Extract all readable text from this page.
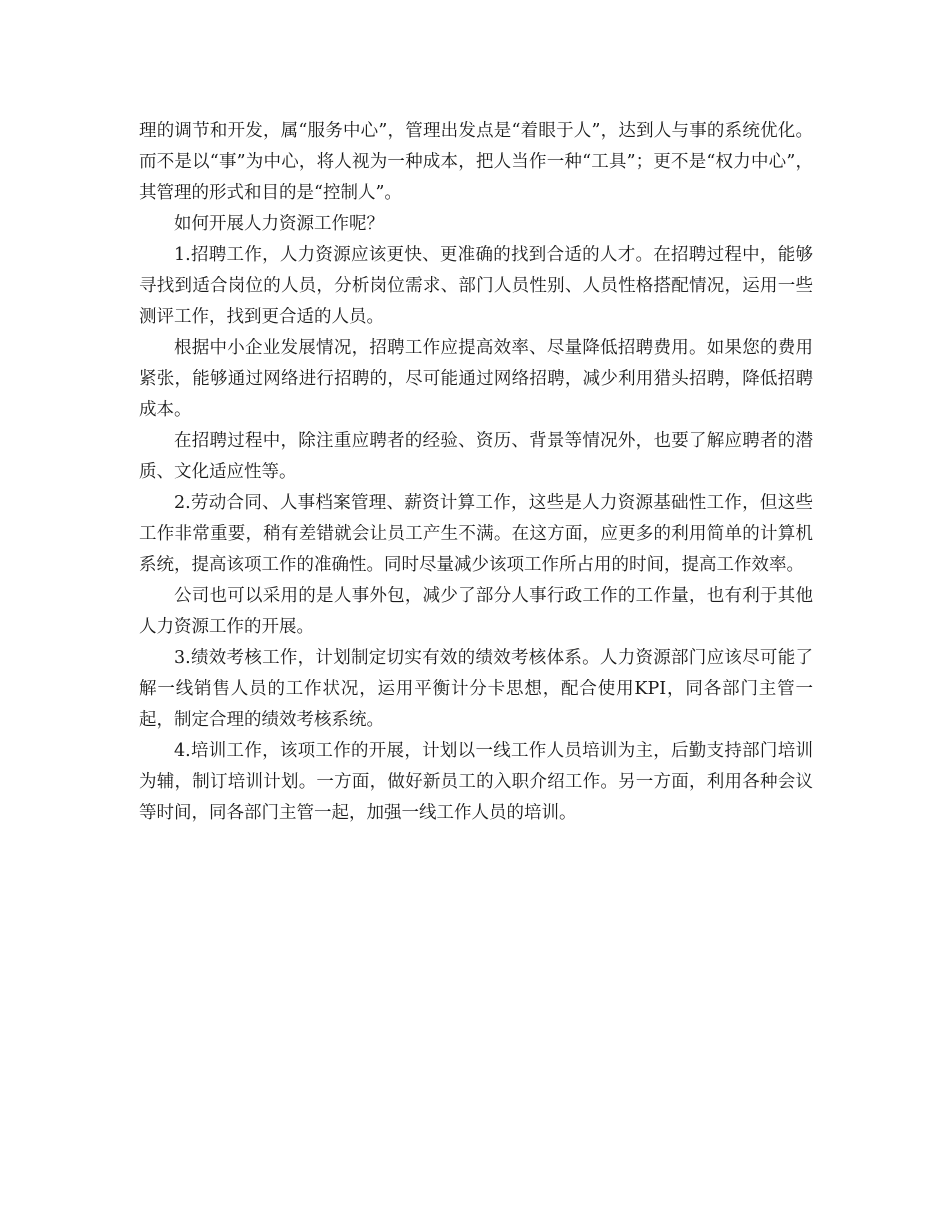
理的调节和开发，属“服务中心”，管理出发点是“着眼于人”，达到人与事的系统优化。而不是以“事”为中心，将人视为一种成本，把人当作一种“工具”；更不是“权力中心”，其管理的形式和目的是“控制人”。

如何开展人力资源工作呢？

1.招聘工作，人力资源应该更快、更准确的找到合适的人才。在招聘过程中，能够寻找到适合岗位的人员，分析岗位需求、部门人员性别、人员性格搭配情况，运用一些测评工作，找到更合适的人员。

根据中小企业发展情况，招聘工作应提高效率、尽量降低招聘费用。如果您的费用紧张，能够通过网络进行招聘的，尽可能通过网络招聘，减少利用猎头招聘，降低招聘成本。

在招聘过程中，除注重应聘者的经验、资历、背景等情况外，也要了解应聘者的潜质、文化适应性等。

2.劳动合同、人事档案管理、薪资计算工作，这些是人力资源基础性工作，但这些工作非常重要，稍有差错就会让员工产生不满。在这方面，应更多的利用简单的计算机系统，提高该项工作的准确性。同时尽量减少该项工作所占用的时间，提高工作效率。

公司也可以采用的是人事外包，减少了部分人事行政工作的工作量，也有利于其他人力资源工作的开展。

3.绩效考核工作，计划制定切实有效的绩效考核体系。人力资源部门应该尽可能了解一线销售人员的工作状况，运用平衡计分卡思想，配合使用KPI，同各部门主管一起，制定合理的绩效考核系统。

4.培训工作，该项工作的开展，计划以一线工作人员培训为主，后勤支持部门培训为辅，制订培训计划。一方面，做好新员工的入职介绍工作。另一方面，利用各种会议等时间，同各部门主管一起，加强一线工作人员的培训。
